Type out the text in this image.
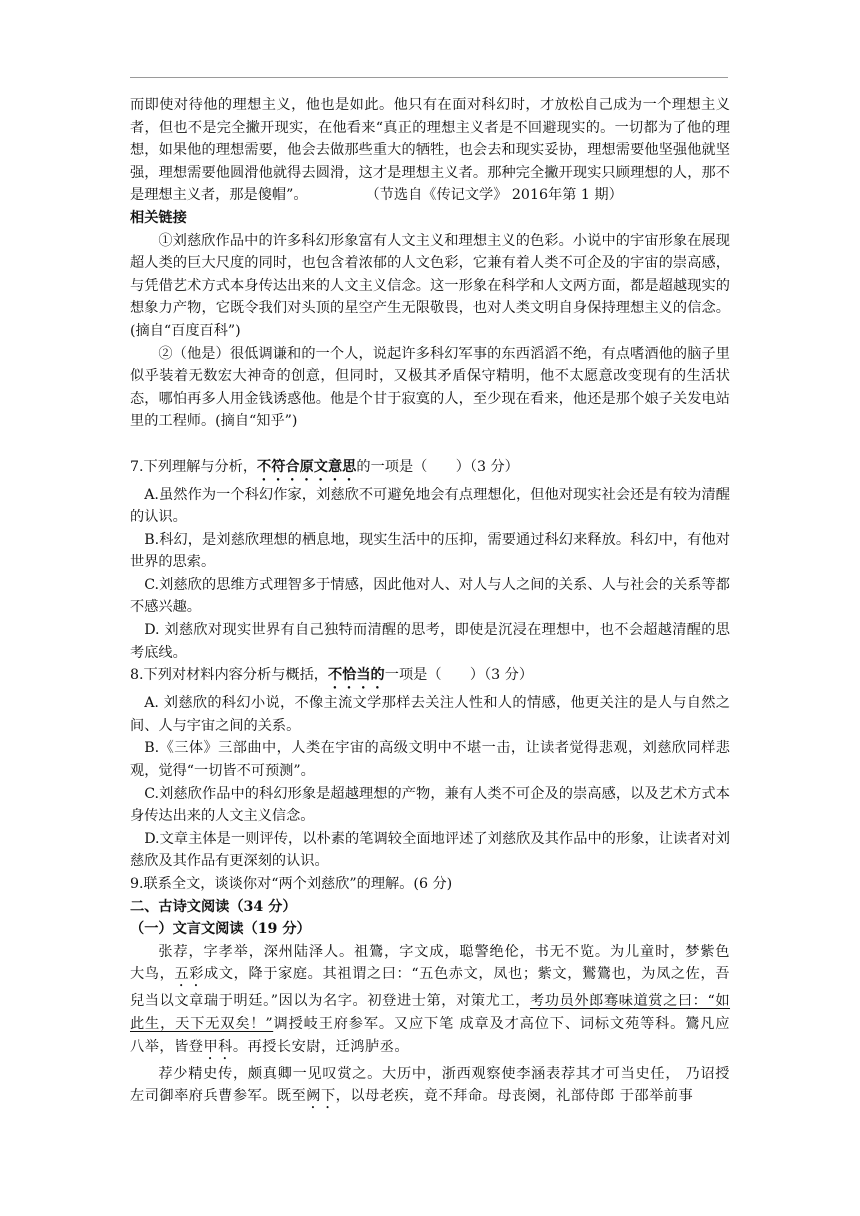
而即使对待他的理想主义，他也是如此。他只有在面对科幻时，才放松自己成为一个理想主义者，但也不是完全撇开现实，在他看来“真正的理想主义者是不回避现实的。一切都为了他的理想，如果他的理想需要，他会去做那些重大的牺牲，也会去和现实妥协，理想需要他坚强他就坚强，理想需要他圆滑他就得去圆滑，这才是理想主义者。那种完全撇开现实只顾理想的人，那不是理想主义者，那是傻帽”。	（节选自《传记文学》 2016年第 1 期）

相关链接

①刘慈欣作品中的许多科幻形象富有人文主义和理想主义的色彩。小说中的宇宙形象在展现超人类的巨大尺度的同时，也包含着浓郁的人文色彩，它兼有着人类不可企及的宇宙的崇高感，与凭借艺术方式本身传达出来的人文主义信念。这一形象在科学和人文两方面，都是超越现实的想象力产物，它既令我们对头顶的星空产生无限敬畏，也对人类文明自身保持理想主义的信念。(摘自“百度百科”)

②（他是）很低调谦和的一个人，说起许多科幻军事的东西滔滔不绝，有点嗜酒他的脑子里似乎装着无数宏大神奇的创意，但同时，又极其矛盾保守精明，他不太愿意改变现有的生活状态，哪怕再多人用金钱诱惑他。他是个甘于寂寞的人，至少现在看来，他还是那个娘子关发电站里的工程师。(摘自“知乎”)

7.下列理解与分析，不符合原文意思的一项是（　　）（3 分）

A.虽然作为一个科幻作家，刘慈欣不可避免地会有点理想化，但他对现实社会还是有较为清醒的认识。

B.科幻，是刘慈欣理想的栖息地，现实生活中的压抑，需要通过科幻来释放。科幻中，有他对世界的思索。

C.刘慈欣的思维方式理智多于情感，因此他对人、对人与人之间的关系、人与社会的关系等都不感兴趣。

D. 刘慈欣对现实世界有自己独特而清醒的思考，即使是沉浸在理想中，也不会超越清醒的思考底线。

8.下列对材料内容分析与概括，不恰当的一项是（　　）（3 分）

A. 刘慈欣的科幻小说，不像主流文学那样去关注人性和人的情感，他更关注的是人与自然之间、人与宇宙之间的关系。

B.《三体》三部曲中，人类在宇宙的高级文明中不堪一击，让读者觉得悲观，刘慈欣同样悲观，觉得“一切皆不可预测”。

C.刘慈欣作品中的科幻形象是超越理想的产物，兼有人类不可企及的崇高感，以及艺术方式本身传达出来的人文主义信念。

D.文章主体是一则评传，以朴素的笔调较全面地评述了刘慈欣及其作品中的形象，让读者对刘慈欣及其作品有更深刻的认识。

9.联系全文，谈谈你对“两个刘慈欣”的理解。(6 分)

二、古诗文阅读（34 分）

（一）文言文阅读（19 分）

张荐，字孝举，深州陆泽人。祖鷟，字文成，聪警绝伦，书无不览。为儿童时，梦紫色大鸟，五彩成文，降于家庭。其祖谓之曰：“五色赤文，凤也；紫文，鸑鷟也，为凤之佐，吾兒当以文章瑞于明廷。”因以为名字。初登进士第，对策尤工，考功员外郎骞味道赏之曰：“如此生，天下无双矣！”调授岐王府参军。又应下笔 成章及才高位下、词标文苑等科。鷟凡应八举，皆登甲科。再授长安尉，迁鸿胪丞。

荐少精史传，颇真卿一见叹赏之。大历中，浙西观察使李涵表荐其才可当史任， 乃诏授左司御率府兵曹参军。既至阙下，以母老疾，竟不拜命。母丧阕，礼部侍郎 于邵举前事
